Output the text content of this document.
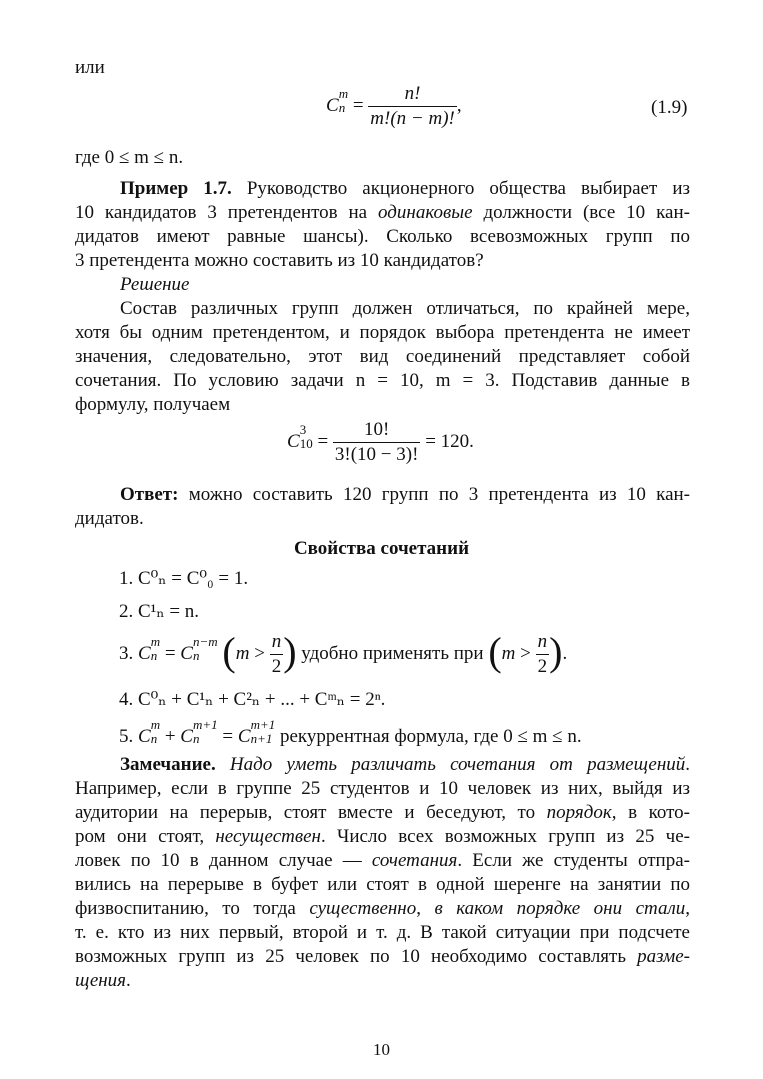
или
C
m
$n = \frac{n!}{m!(n - m)!}$ ,	(1.9)
где 0 ≤ m ≤ n.
Пример 1.7. Руководство акционерного общества выбирает из
10 кандидатов 3 претендентов на одинаковые должности (все 10 кан-
дидатов имеют равные шансы). Сколько всевозможных групп по
3 претендента можно составить из 10 кандидатов?
Решение
Состав различных групп должен отличаться, по крайней мере,
хотя бы одним претендентом, и порядок выбора претендента не имеет
значения, следовательно, этот вид соединений представляет собой
сочетания. По условию задачи n = 10, m = 3. Подставив данные в
формулу, получаем
C
3
$10 = \frac{10!}{3!(10 - 3)!} = 120$.
Ответ: можно составить 120 групп по 3 претендента из 10 кан-
дидатов.
Свойства сочетаний
1. C⁰ₙ = C⁰₀ = 1.
2. C¹ₙ = n.
3. C
m
n = C
n−m
n ($m > \frac{n}{2}$ ) удобно применять при ($m > \frac{n}{2}$ ).
4. C⁰ₙ + C¹ₙ + C²ₙ + ... + Cᵐₙ = 2ⁿ.
5. C
m
n + C
m+1
n = C
m+1
n+1 рекуррентная формула, где 0 ≤ m ≤ n.
Замечание. Надо уметь различать сочетания от размещений.
Например, если в группе 25 студентов и 10 человек из них, выйдя из
аудитории на перерыв, стоят вместе и беседуют, то порядок, в кото-
ром они стоят, несуществен. Число всех возможных групп из 25 че-
ловек по 10 в данном случае — сочетания. Если же студенты отпра-
вились на перерыве в буфет или стоят в одной шеренге на занятии по
физвоспитанию, то тогда существенно, в каком порядке они стали,
т. е. кто из них первый, второй и т. д. В такой ситуации при подсчете
возможных групп из 25 человек по 10 необходимо составлять разме-
щения.
10
